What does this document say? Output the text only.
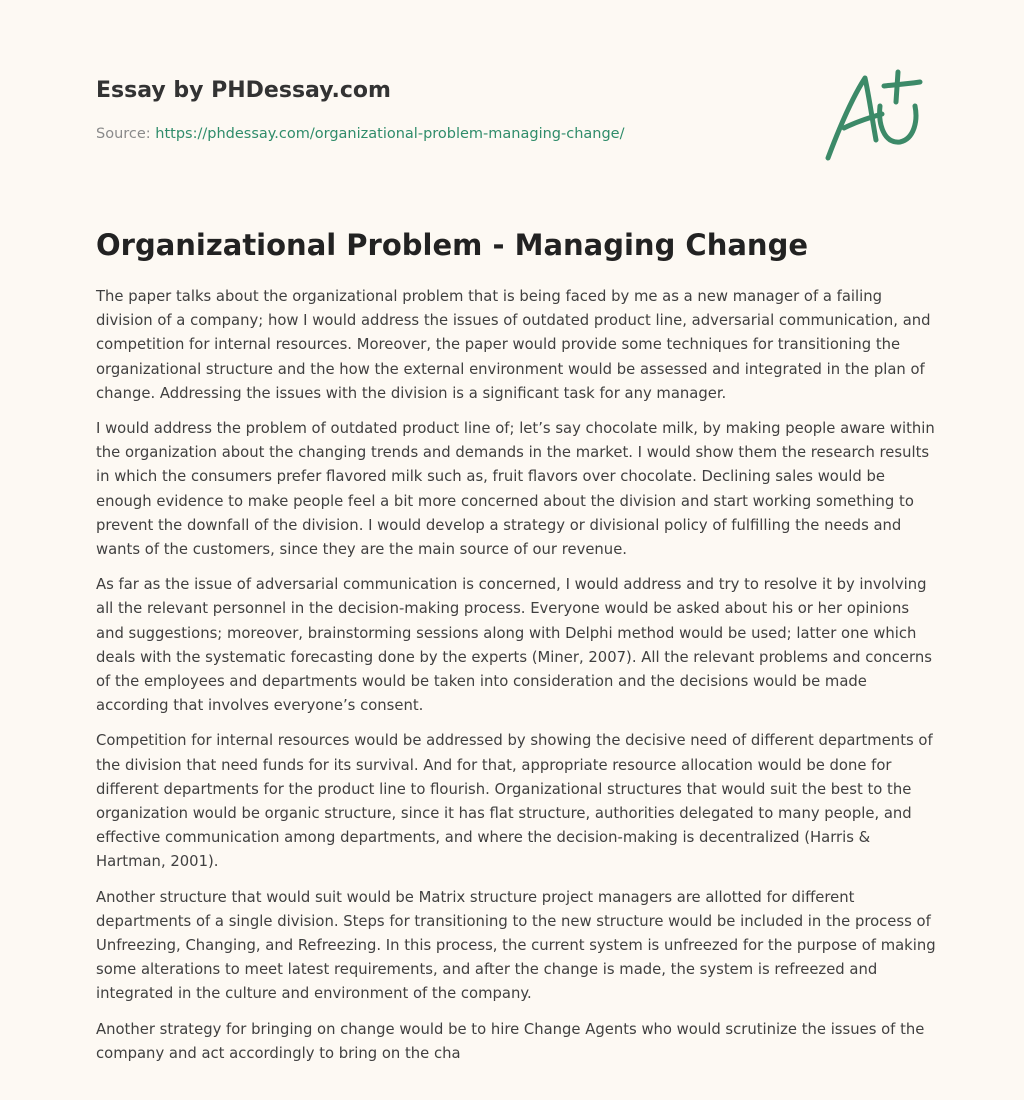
Essay by PHDessay.com
Source: https://phdessay.com/organizational-problem-managing-change/
Organizational Problem - Managing Change

The paper talks about the organizational problem that is being faced by me as a new manager of a failing division of a company; how I would address the issues of outdated product line, adversarial communication, and competition for internal resources. Moreover, the paper would provide some techniques for transitioning the organizational structure and the how the external environment would be assessed and integrated in the plan of change. Addressing the issues with the division is a significant task for any manager.

I would address the problem of outdated product line of; let’s say chocolate milk, by making people aware within the organization about the changing trends and demands in the market. I would show them the research results in which the consumers prefer flavored milk such as, fruit flavors over chocolate. Declining sales would be enough evidence to make people feel a bit more concerned about the division and start working something to prevent the downfall of the division. I would develop a strategy or divisional policy of fulfilling the needs and wants of the customers, since they are the main source of our revenue.

As far as the issue of adversarial communication is concerned, I would address and try to resolve it by involving all the relevant personnel in the decision-making process. Everyone would be asked about his or her opinions and suggestions; moreover, brainstorming sessions along with Delphi method would be used; latter one which deals with the systematic forecasting done by the experts (Miner, 2007). All the relevant problems and concerns of the employees and departments would be taken into consideration and the decisions would be made according that involves everyone’s consent.

Competition for internal resources would be addressed by showing the decisive need of different departments of the division that need funds for its survival. And for that, appropriate resource allocation would be done for different departments for the product line to flourish. Organizational structures that would suit the best to the organization would be organic structure, since it has flat structure, authorities delegated to many people, and effective communication among departments, and where the decision-making is decentralized (Harris & Hartman, 2001).

Another structure that would suit would be Matrix structure project managers are allotted for different departments of a single division. Steps for transitioning to the new structure would be included in the process of Unfreezing, Changing, and Refreezing. In this process, the current system is unfreezed for the purpose of making some alterations to meet latest requirements, and after the change is made, the system is refreezed and integrated in the culture and environment of the company.

Another strategy for bringing on change would be to hire Change Agents who would scrutinize the issues of the company and act accordingly to bring on the cha
